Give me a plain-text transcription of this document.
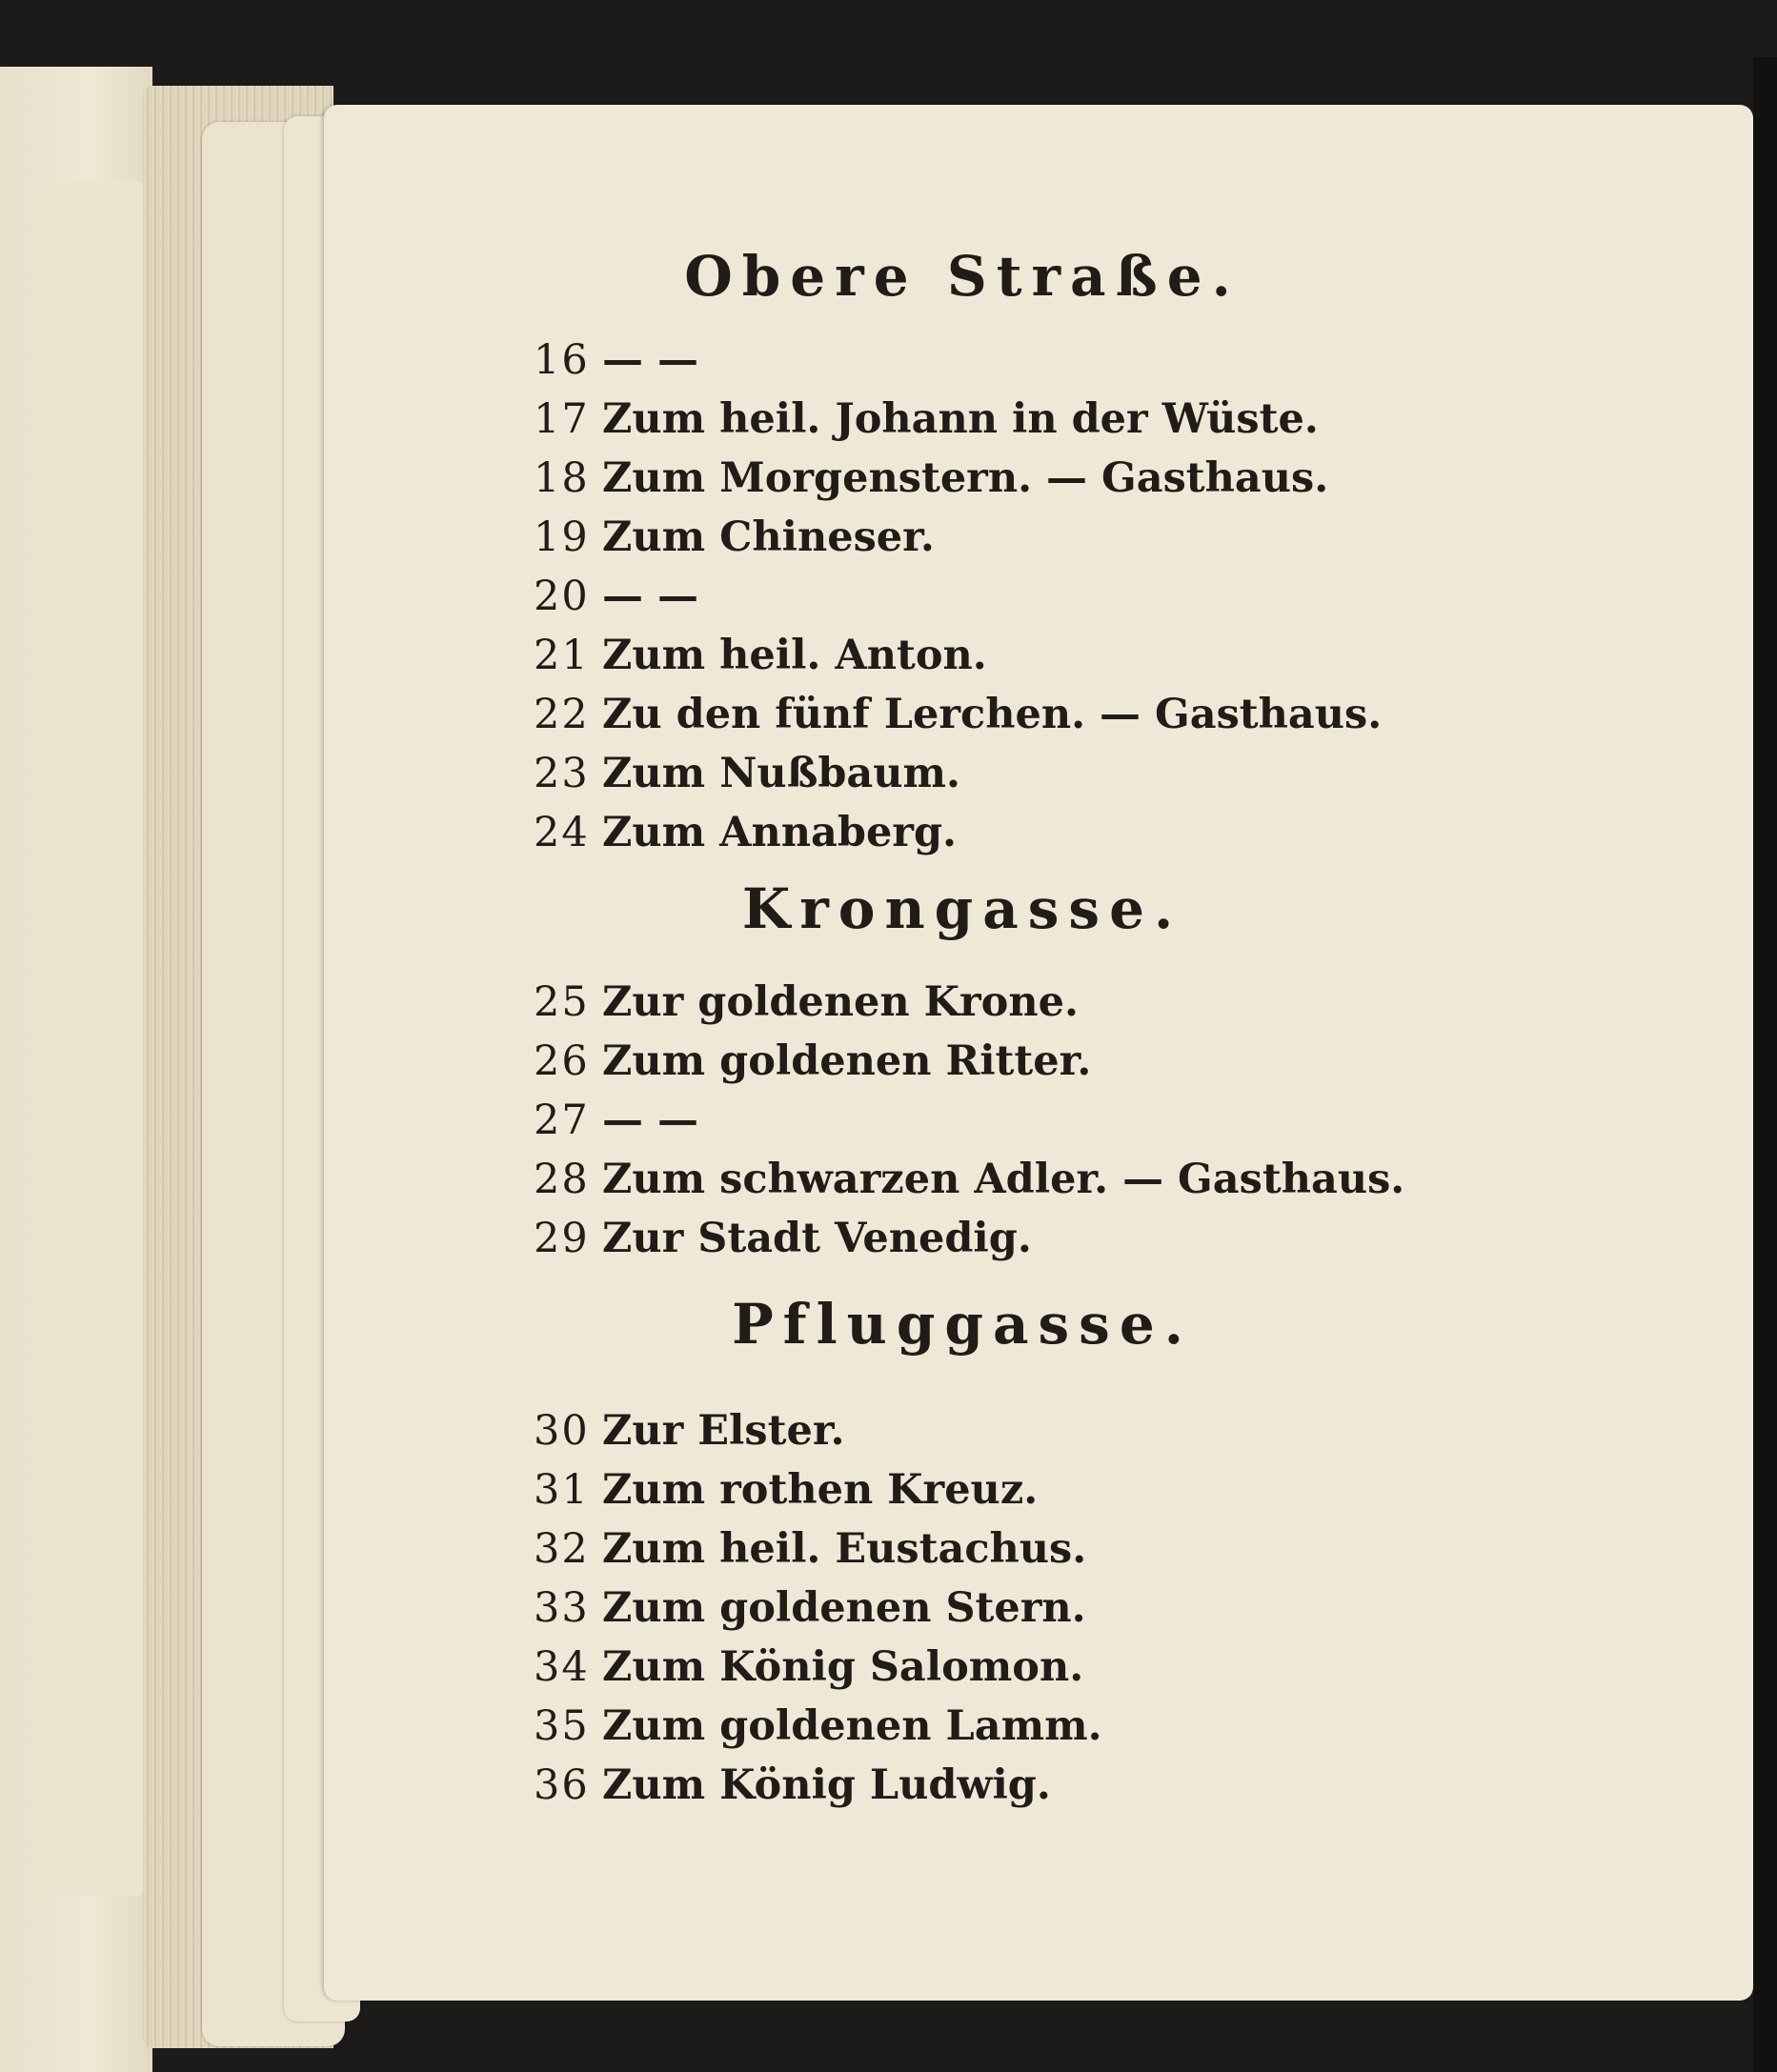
Obere Straße.
16 — —
17 Zum heil. Johann in der Wüste.
18 Zum Morgenstern. — Gasthaus.
19 Zum Chineser.
20 — —
21 Zum heil. Anton.
22 Zu den fünf Lerchen. — Gasthaus.
23 Zum Nußbaum.
24 Zum Annaberg.
Krongasse.
25 Zur goldenen Krone.
26 Zum goldenen Ritter.
27 — —
28 Zum schwarzen Adler. — Gasthaus.
29 Zur Stadt Venedig.
Pfluggasse.
30 Zur Elster.
31 Zum rothen Kreuz.
32 Zum heil. Eustachus.
33 Zum goldenen Stern.
34 Zum König Salomon.
35 Zum goldenen Lamm.
36 Zum König Ludwig.
